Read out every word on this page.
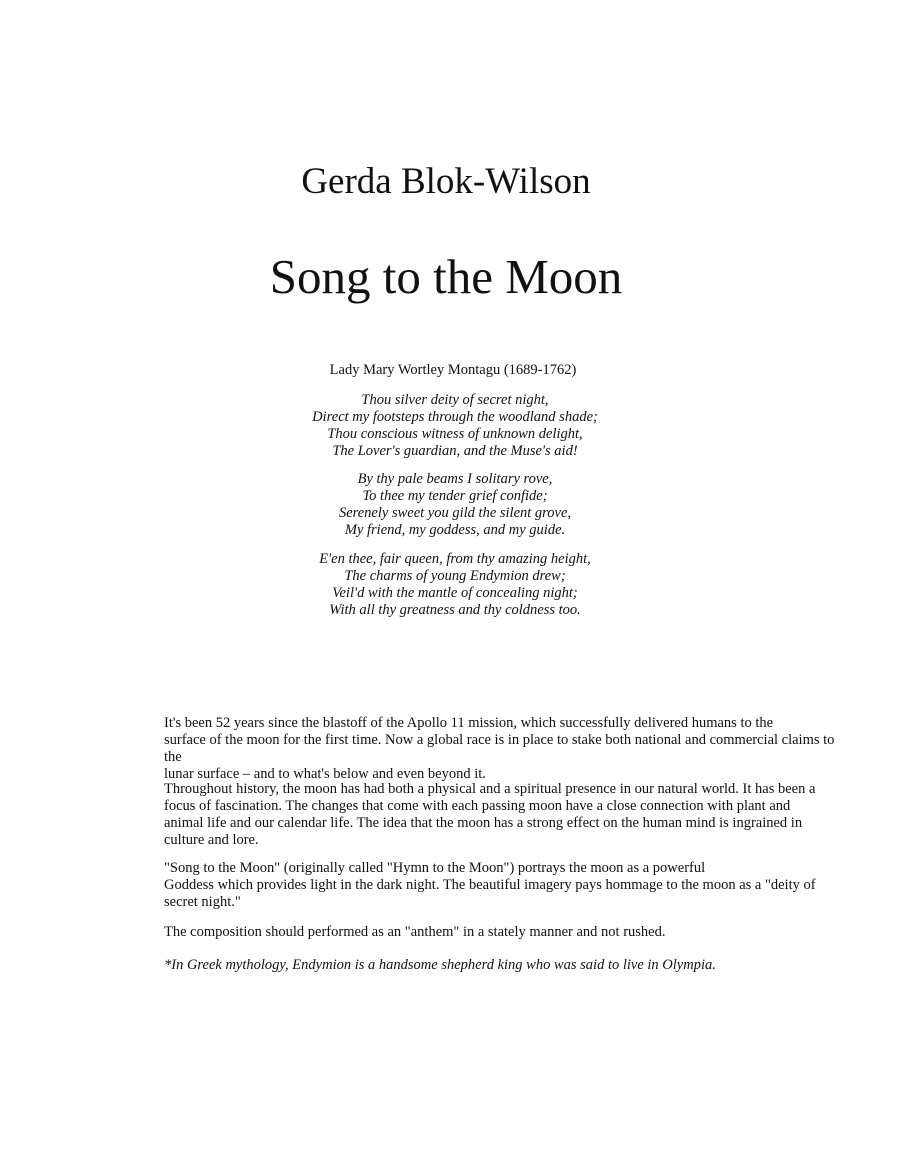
Gerda Blok-Wilson
Song to the Moon
Lady Mary Wortley Montagu (1689-1762)
Thou silver deity of secret night,
Direct my footsteps through the woodland shade;
Thou conscious witness of unknown delight,
The Lover's guardian, and the Muse's aid!
By thy pale beams I solitary rove,
To thee my tender grief confide;
Serenely sweet you gild the silent grove,
My friend, my goddess, and my guide.
E'en thee, fair queen, from thy amazing height,
The charms of young Endymion drew;
Veil'd with the mantle of concealing night;
With all thy greatness and thy coldness too.

It's been 52 years since the blastoff of the Apollo 11 mission, which successfully delivered humans to the

surface of the moon for the first time. Now a global race is in place to stake both national and commercial claims to the

lunar surface – and to what's below and even beyond it.

Throughout history, the moon has had both a physical and a spiritual presence in our natural world. It has been a

focus of fascination. The changes that come with each passing moon have a close connection with plant and

animal life and our calendar life. The idea that the moon has a strong effect on the human mind is ingrained in

culture and lore.

"Song to the Moon" (originally called "Hymn to the Moon") portrays the moon as a powerful

Goddess which provides light in the dark night. The beautiful imagery pays hommage to the moon as a "deity of

secret night."

The composition should performed as an "anthem" in a stately manner and not rushed.

*In Greek mythology, Endymion is a handsome shepherd king who was said to live in Olympia.
